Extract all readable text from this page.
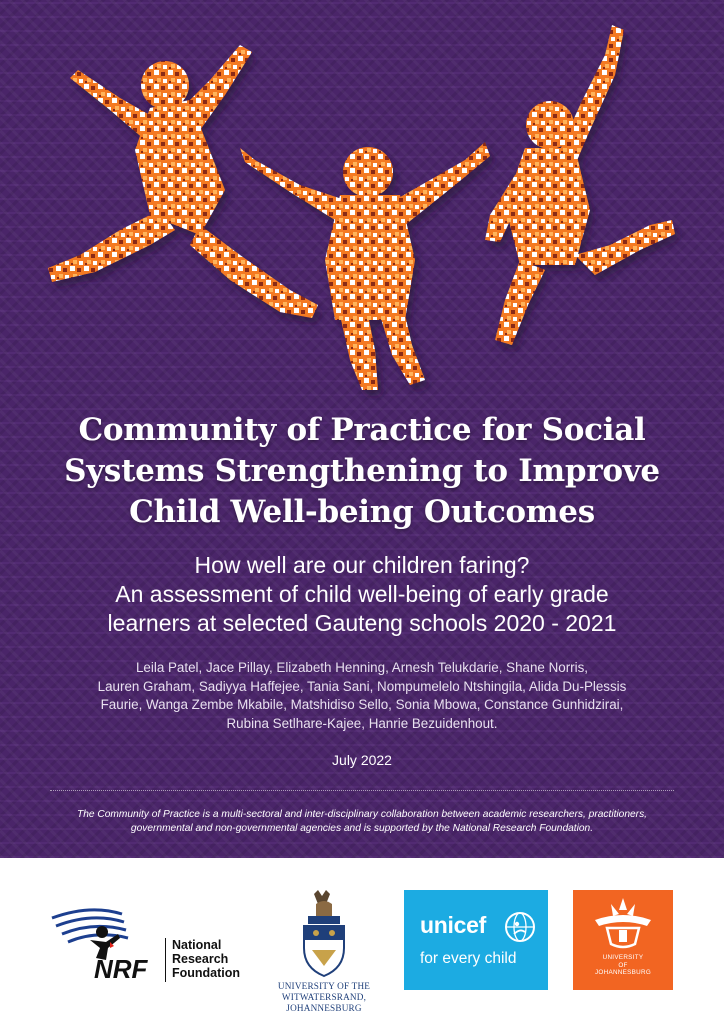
Community of Practice for Social
Systems Strengthening to Improve
Child Well-being Outcomes
How well are our children faring?
An assessment of child well-being of early grade
learners at selected Gauteng schools 2020 - 2021
Leila Patel, Jace Pillay, Elizabeth Henning, Arnesh Telukdarie, Shane Norris,
Lauren Graham, Sadiyya Haffejee, Tania Sani, Nompumelelo Ntshingila, Alida Du-Plessis
Faurie, Wanga Zembe Mkabile, Matshidiso Sello, Sonia Mbowa, Constance Gunhidzirai,
Rubina Setlhare-Kajee, Hanrie Bezuidenhout.
July 2022
The Community of Practice is a multi-sectoral and inter-disciplinary collaboration between academic researchers, practitioners,
governmental and non-governmental agencies and is supported by the National Research Foundation.
NRF
National
Research
Foundation
UNIVERSITY OF THE
WITWATERSRAND,
JOHANNESBURG
unicef
for every child	UNIVERSITY
OF
JOHANNESBURG
